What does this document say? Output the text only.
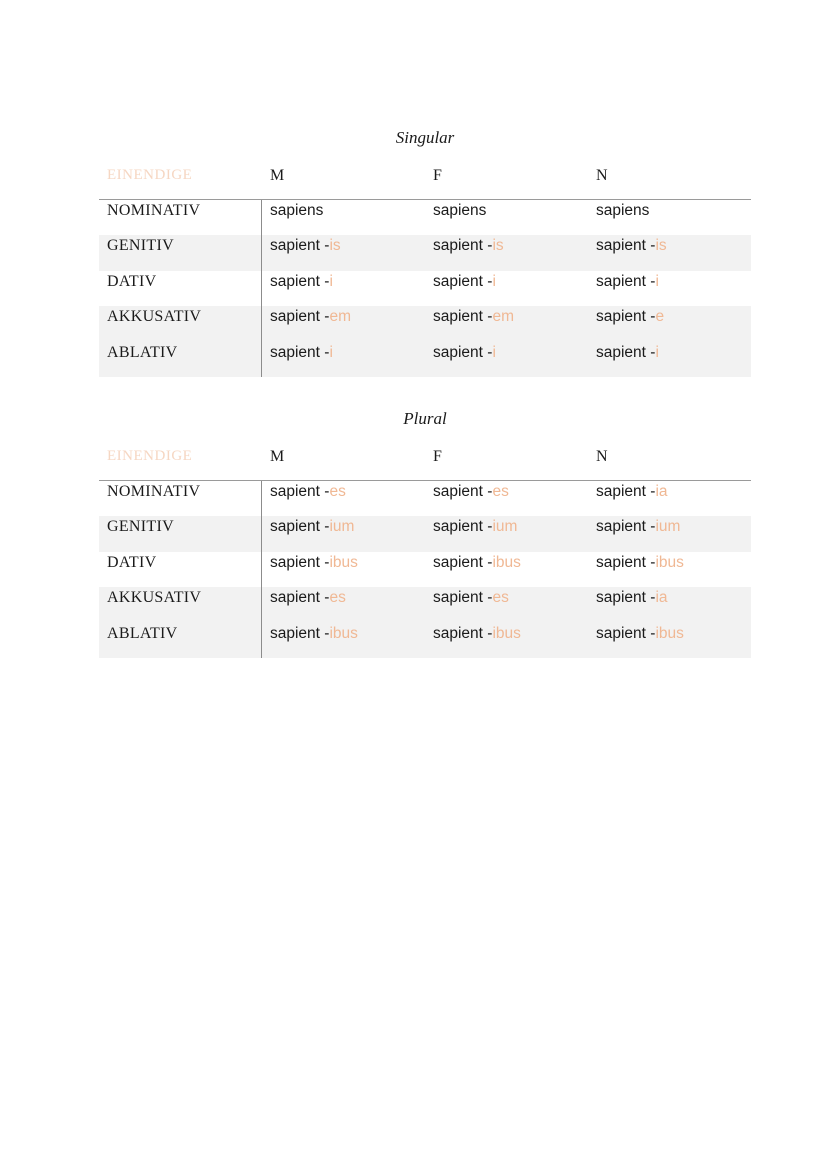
Singular
EINENDIGE	M	F	N
NOMINATIV	sapiens	sapiens	sapiens
GENITIV	sapient -is	sapient -is	sapient -is
DATIV	sapient -i	sapient -i	sapient -i
AKKUSATIV	sapient -em	sapient -em	sapient -e
ABLATIV	sapient -i	sapient -i	sapient -i
Plural
EINENDIGE	M	F	N
NOMINATIV	sapient -es	sapient -es	sapient -ia
GENITIV	sapient -ium	sapient -ium	sapient -ium
DATIV	sapient -ibus	sapient -ibus	sapient -ibus
AKKUSATIV	sapient -es	sapient -es	sapient -ia
ABLATIV	sapient -ibus	sapient -ibus	sapient -ibus
